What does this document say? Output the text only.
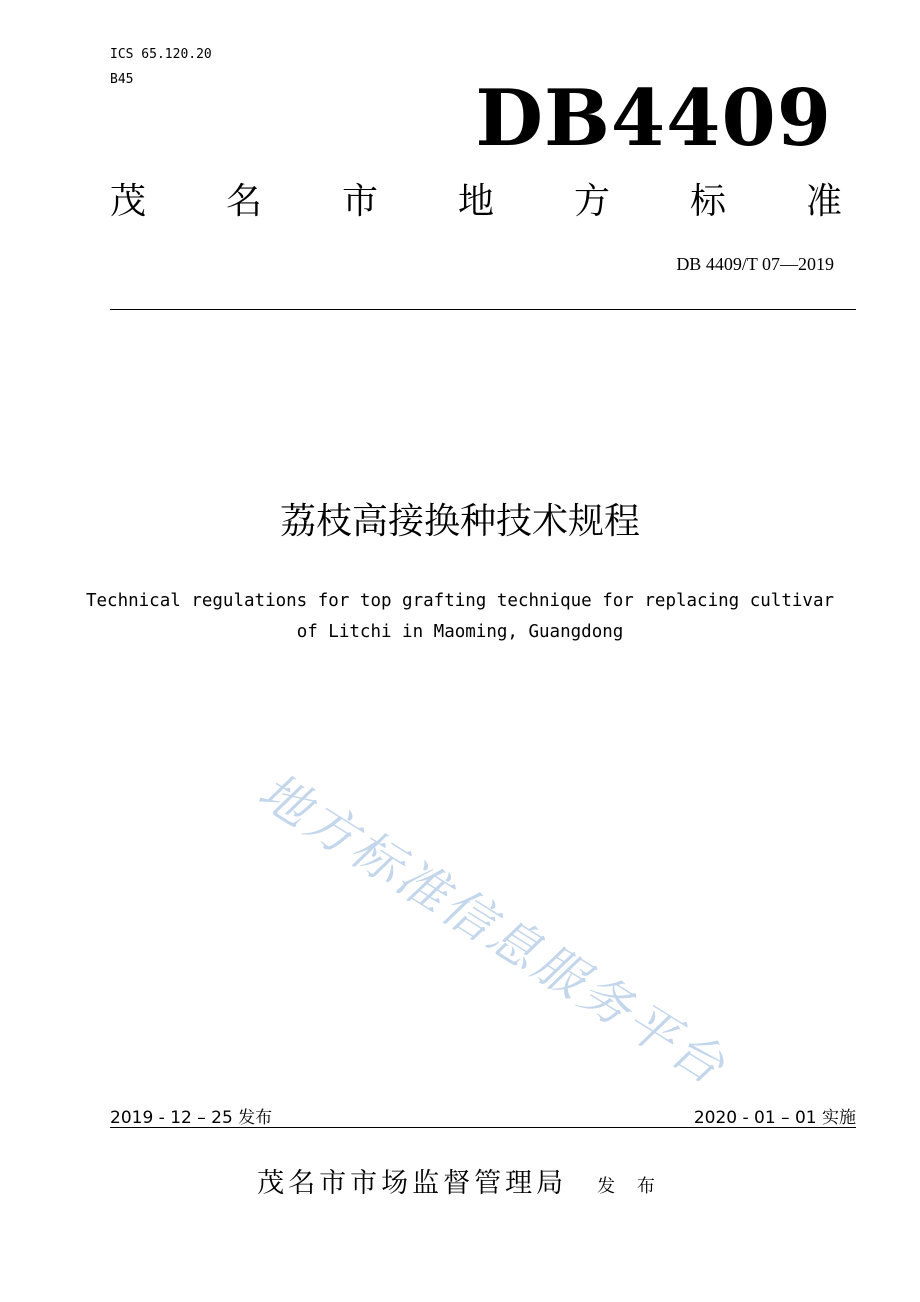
ICS 65.120.20
B45	DB4409
茂 名 市 地 方 标 准
DB 4409/T 07—2019
荔枝高接换种技术规程
Technical regulations for top grafting technique for replacing cultivar
of Litchi in Maoming, Guangdong
地方标准信息服务平台
2019 - 12 – 25 发布	2020 - 01 – 01 实施
茂名市市场监督管理局 发 布
